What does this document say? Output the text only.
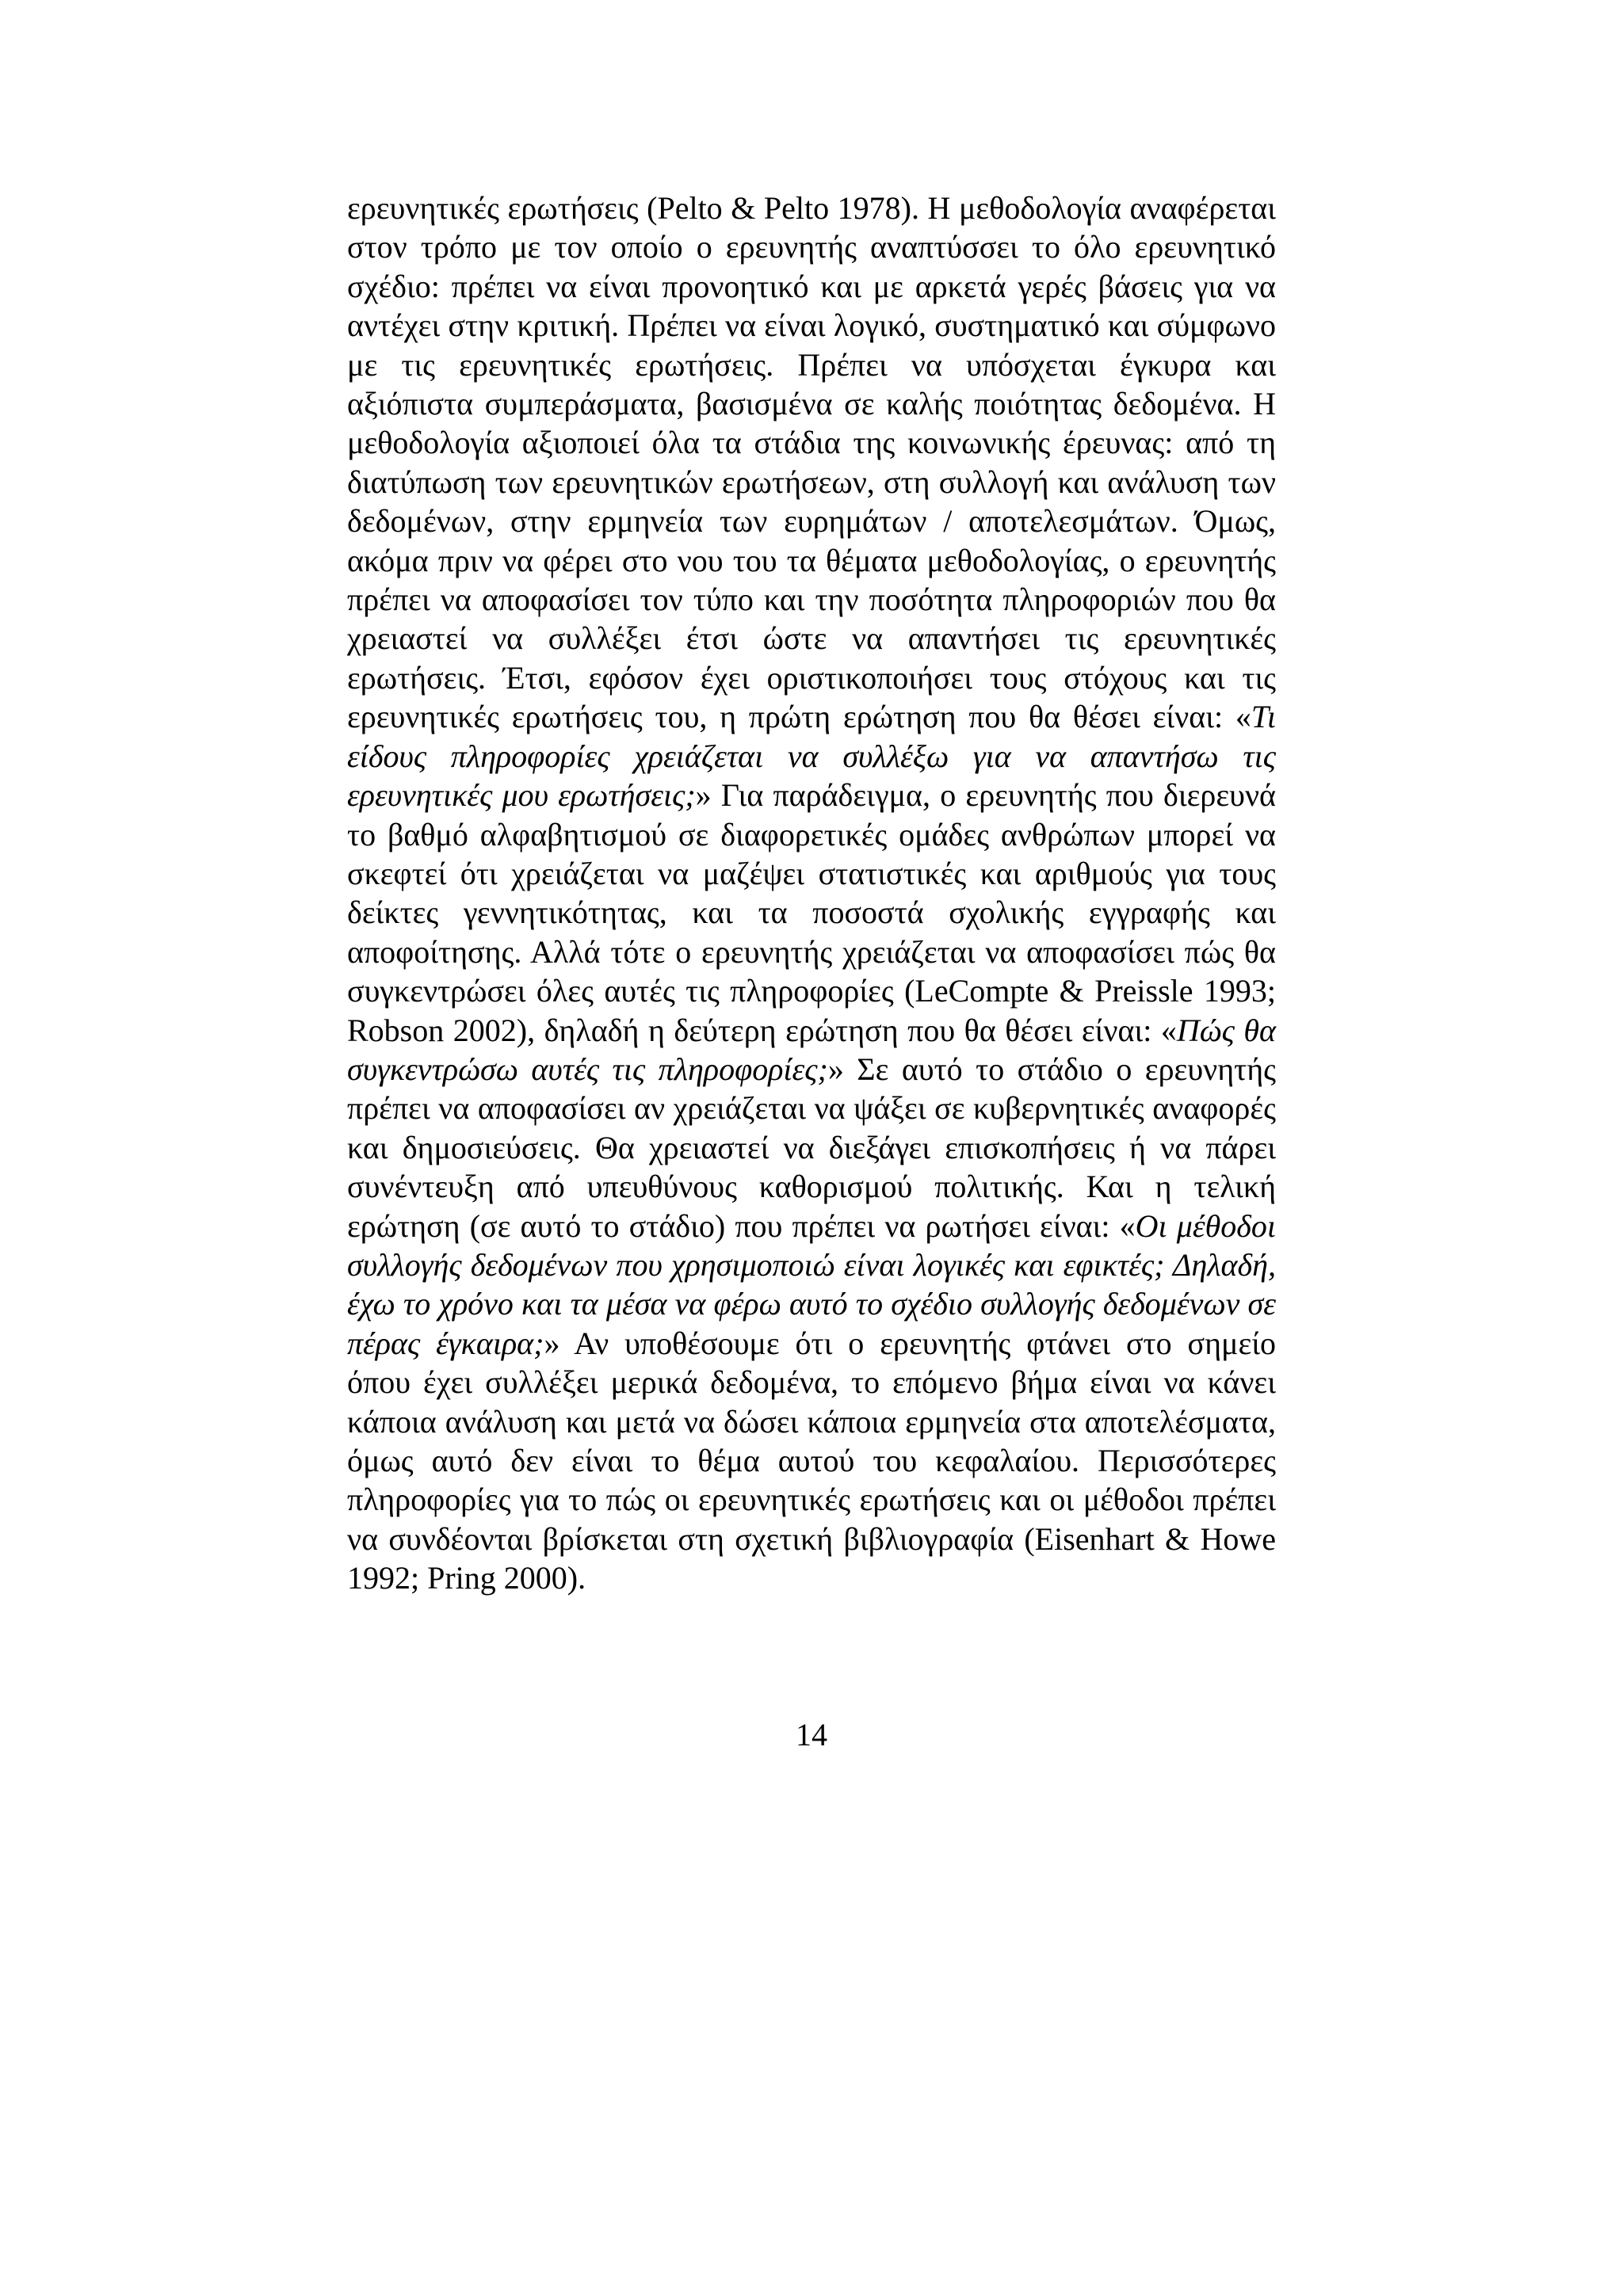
ερευνητικές ερωτήσεις (Pelto & Pelto 1978). Η μεθοδολογία αναφέρεται στον τρόπο με τον οποίο ο ερευνητής αναπτύσσει το όλο ερευνητικό σχέδιο: πρέπει να είναι προνοητικό και με αρκετά γερές βάσεις για να αντέχει στην κριτική. Πρέπει να είναι λογικό, συστηματικό και σύμφωνο με τις ερευνητικές ερωτήσεις. Πρέπει να υπόσχεται έγκυρα και αξιόπιστα συμπεράσματα, βασισμένα σε καλής ποιότητας δεδομένα. Η μεθοδολογία αξιοποιεί όλα τα στάδια της κοινωνικής έρευνας: από τη διατύπωση των ερευνητικών ερωτήσεων, στη συλλογή και ανάλυση των δεδομένων, στην ερμηνεία των ευρημάτων / αποτελεσμάτων. Όμως, ακόμα πριν να φέρει στο νου του τα θέματα μεθοδολογίας, ο ερευνητής πρέπει να αποφασίσει τον τύπο και την ποσότητα πληροφοριών που θα χρειαστεί να συλλέξει έτσι ώστε να απαντήσει τις ερευνητικές ερωτήσεις. Έτσι, εφόσον έχει οριστικοποιήσει τους στόχους και τις ερευνητικές ερωτήσεις του, η πρώτη ερώτηση που θα θέσει είναι: «Τι είδους πληροφορίες χρειάζεται να συλλέξω για να απαντήσω τις ερευνητικές μου ερωτήσεις;» Για παράδειγμα, ο ερευνητής που διερευνά το βαθμό αλφαβητισμού σε διαφορετικές ομάδες ανθρώπων μπορεί να σκεφτεί ότι χρειάζεται να μαζέψει στατιστικές και αριθμούς για τους δείκτες γεννητικότητας, και τα ποσοστά σχολικής εγγραφής και αποφοίτησης. Αλλά τότε ο ερευνητής χρειάζεται να αποφασίσει πώς θα συγκεντρώσει όλες αυτές τις πληροφορίες (LeCompte & Preissle 1993; Robson 2002), δηλαδή η δεύτερη ερώτηση που θα θέσει είναι: «Πώς θα συγκεντρώσω αυτές τις πληροφορίες;» Σε αυτό το στάδιο ο ερευνητής πρέπει να αποφασίσει αν χρειάζεται να ψάξει σε κυβερνητικές αναφορές και δημοσιεύσεις. Θα χρειαστεί να διεξάγει επισκοπήσεις ή να πάρει συνέντευξη από υπευθύνους καθορισμού πολιτικής. Και η τελική ερώτηση (σε αυτό το στάδιο) που πρέπει να ρωτήσει είναι: «Οι μέθοδοι συλλογής δεδομένων που χρησιμοποιώ είναι λογικές και εφικτές; Δηλαδή, έχω το χρόνο και τα μέσα να φέρω αυτό το σχέδιο συλλογής δεδομένων σε πέρας έγκαιρα;» Αν υποθέσουμε ότι ο ερευνητής φτάνει στο σημείο όπου έχει συλλέξει μερικά δεδομένα, το επόμενο βήμα είναι να κάνει κάποια ανάλυση και μετά να δώσει κάποια ερμηνεία στα αποτελέσματα, όμως αυτό δεν είναι το θέμα αυτού του κεφαλαίου. Περισσότερες πληροφορίες για το πώς οι ερευνητικές ερωτήσεις και οι μέθοδοι πρέπει να συνδέονται βρίσκεται στη σχετική βιβλιογραφία (Eisenhart & Howe 1992; Pring 2000).

14
